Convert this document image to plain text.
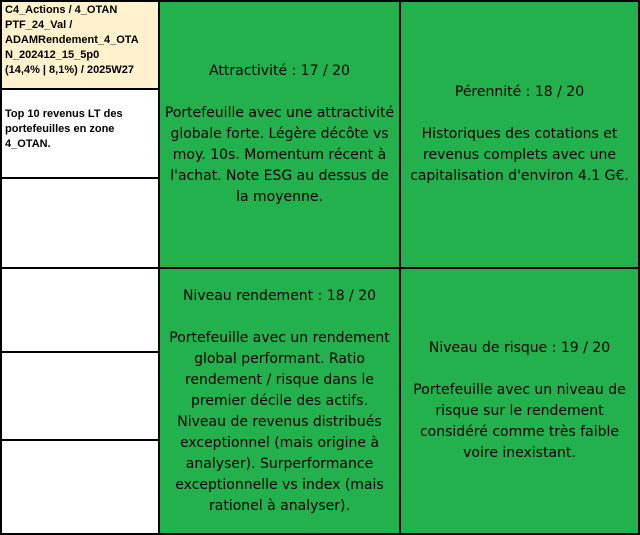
C4_Actions / 4_OTAN
PTF_24_Val /
ADAMRendement_4_OTA
N_202412_15_5p0
(14,4% | 8,1%) / 2025W27
Top 10 revenus LT des portefeuilles en zone 4_OTAN.
Attractivité : 17 / 20
Portefeuille avec une attractivité globale forte. Légère décôte vs moy. 10s. Momentum récent à l'achat. Note ESG au dessus de la moyenne.
Pérennité : 18 / 20
Historiques des cotations et revenus complets avec une capitalisation d'environ 4.1 G€.
Niveau rendement : 18 / 20
Portefeuille avec un rendement global performant. Ratio rendement / risque dans le premier décile des actifs. Niveau de revenus distribués exceptionnel (mais origine à analyser). Surperformance exceptionnelle vs index (mais rationel à analyser).
Niveau de risque : 19 / 20
Portefeuille avec un niveau de risque sur le rendement considéré comme très faible voire inexistant.
